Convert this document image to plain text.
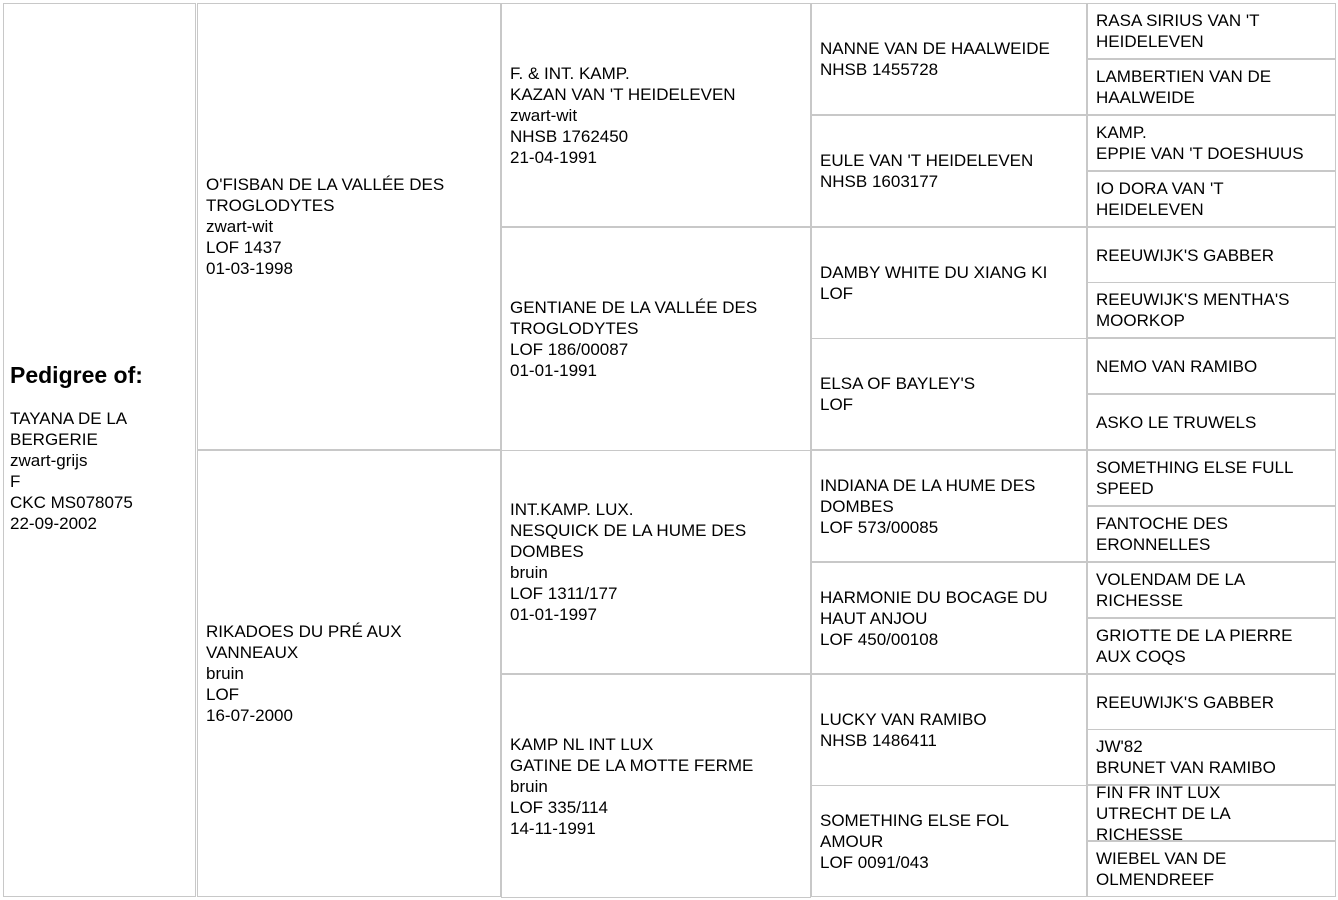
Pedigree of:
TAYANA DE LA
BERGERIE
zwart-grijs
F
CKC MS078075
22-09-2002
O'FISBAN DE LA VALLÉE DES
TROGLODYTES
zwart-wit
LOF 1437
01-03-1998
RIKADOES DU PRÉ AUX
VANNEAUX
bruin
LOF
16-07-2000
F. & INT. KAMP.
KAZAN VAN 'T HEIDELEVEN
zwart-wit
NHSB 1762450
21-04-1991
GENTIANE DE LA VALLÉE DES
TROGLODYTES
LOF 186/00087
01-01-1991
INT.KAMP. LUX.
NESQUICK DE LA HUME DES
DOMBES
bruin
LOF 1311/177
01-01-1997
KAMP NL INT LUX
GATINE DE LA MOTTE FERME
bruin
LOF 335/114
14-11-1991
NANNE VAN DE HAALWEIDE
NHSB 1455728
EULE VAN 'T HEIDELEVEN
NHSB 1603177
DAMBY WHITE DU XIANG KI
LOF
ELSA OF BAYLEY'S
LOF
INDIANA DE LA HUME DES
DOMBES
LOF 573/00085
HARMONIE DU BOCAGE DU
HAUT ANJOU
LOF 450/00108
LUCKY VAN RAMIBO
NHSB 1486411
SOMETHING ELSE FOL
AMOUR
LOF 0091/043
RASA SIRIUS VAN 'T
HEIDELEVEN
LAMBERTIEN VAN DE
HAALWEIDE
KAMP.
EPPIE VAN 'T DOESHUUS
IO DORA VAN 'T
HEIDELEVEN
REEUWIJK'S GABBER
REEUWIJK'S MENTHA'S
MOORKOP
NEMO VAN RAMIBO
ASKO LE TRUWELS
SOMETHING ELSE FULL
SPEED
FANTOCHE DES
ERONNELLES
VOLENDAM DE LA
RICHESSE
GRIOTTE DE LA PIERRE
AUX COQS
REEUWIJK'S GABBER
JW'82
BRUNET VAN RAMIBO
FIN FR INT LUX
UTRECHT DE LA
RICHESSE
WIEBEL VAN DE
OLMENDREEF
